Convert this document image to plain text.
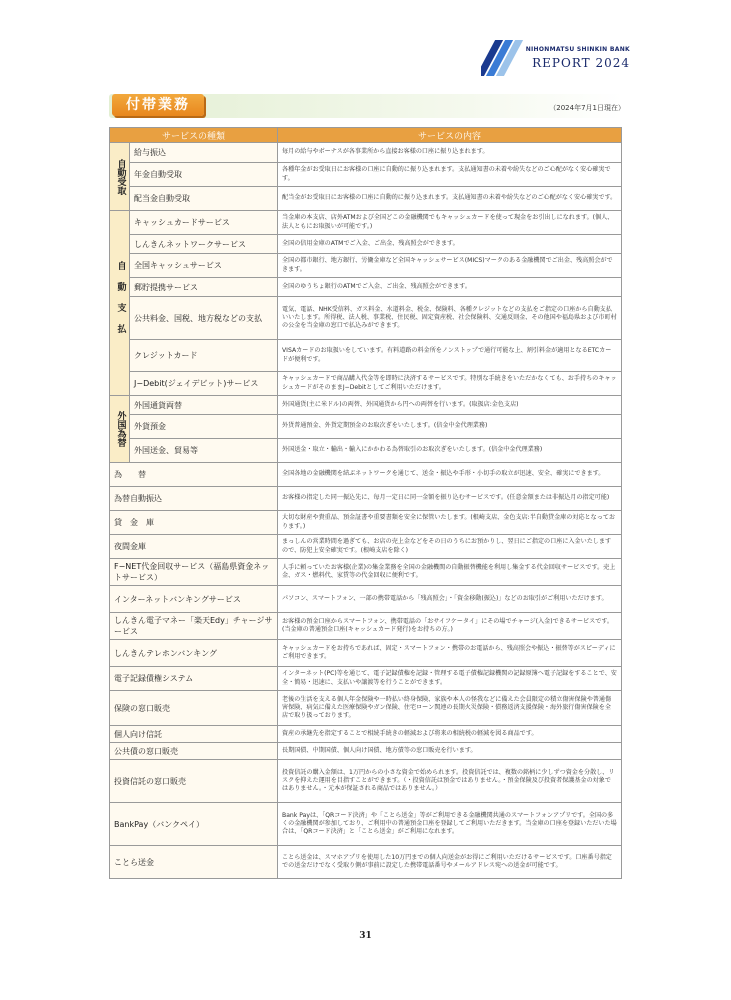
NIHONMATSU SHINKIN BANK
REPORT 2024
付帯業務	（2024年7月1日現在）
サービスの種類		サービスの内容

自動受取	給与振込	毎月の給与やボーナスが各事業所から直接お客様の口座に振り込まれます。
	年金自動受取	各種年金がお受取日にお客様の口座に自動的に振り込まれます。支払通知書の未着や紛失などのご心配がなく安心確実です。
	配当金自動受取	配当金がお受取日にお客様の口座に自動的に振り込まれます。支払通知書の未着や紛失などのご心配がなく安心確実です。

自動支払	キャッシュカードサービス	当金庫の本支店、店外ATMおよび全国どこの金融機関でもキャッシュカードを使って現金をお引出しになれます。(個人、法人ともにお取扱いが可能です。)
	しんきんネットワークサービス	全国の信用金庫のATMでご入金、ご出金、残高照会ができます。
	全国キャッシュサービス	全国の都市銀行、地方銀行、労働金庫など全国キャッシュサービス(MICS)マークのある金融機関でご出金、残高照会ができます。
	郵貯提携サービス	全国のゆうちょ銀行のATMでご入金、ご出金、残高照会ができます。
	公共料金、国税、地方税などの支払	電気、電話、NHK受信料、ガス料金、水道料金、税金、保険料、各種クレジットなどの支払をご指定の口座から自動支払いいたします。所得税、法人税、事業税、住民税、固定資産税、社会保険料、交通反則金、その他国や福島県および市町村の公金を当金庫の窓口で払込みができます。
	クレジットカード	VISAカードのお取扱いをしています。有料道路の料金所をノンストップで通行可能な上、割引料金が適用となるETCカードが便利です。
	J−Debit(ジェイデビット)サービス	キャッシュカードで商品購入代金等を即時に決済するサービスです。特別な手続きをいただかなくても、お手持ちのキャッシュカードがそのままJ−Debitとしてご利用いただけます。

外国為替	外国通貨両替	外国通貨(主に米ドル)の両替、外国通貨から円への両替を行います。(取扱店:金色支店)
	外貨預金	外貨普通預金、外貨定期預金のお取次ぎをいたします。(信金中金代理業務)
	外国送金、貿易等	外国送金・取立・輸出・輸入にかかわる為替取引のお取次ぎをいたします。(信金中金代理業務)
為　　替		全国各地の金融機関を結ぶネットワークを通じて、送金・振込や手形・小切手の取立が迅速、安全、確実にできます。
為替自動振込		お客様の指定した同一振込先に、毎月一定日に同一金額を振り込むサービスです。(任意金額または非振込月の指定可能)
貸　金　庫		大切な財産や貴重品、預金証書や重要書類を安全に保管いたします。(根崎支店、金色支店:半自動貸金庫の対応となっております。)
夜間金庫		まっしんの営業時間を過ぎても、お店の売上金などをその日のうちにお預かりし、翌日にご指定の口座に入金いたしますので、防犯上安全確実です。(根崎支店を除く)
F−NET代金回収サービス（福島県資金ネットサービス）		人手に頼っていたお客様(企業)の集金業務を全国の金融機関の自動振替機能を利用し集金する代金回収サービスです。売上金、ガス・燃料代、家賃等の代金回収に便利です。
インターネットバンキングサービス		パソコン、スマートフォン、一部の携帯電話から「残高照会」・「資金移動(振込)」などのお取引がご利用いただけます。
しんきん電子マネー「楽天Edy」チャージサービス		お客様の預金口座からスマートフォン、携帯電話の「おサイフケータイ」にその場でチャージ(入金)できるサービスです。(当金庫の普通預金口座(キャッシュカード発行)をお持ちの方。)
しんきんテレホンバンキング		キャッシュカードをお持ちであれば、固定・スマートフォン・携帯のお電話から、残高照会や振込・振替等がスピーディにご利用できます。
電子記録債権システム		インターネット(PC)等を通じて、電子記録債権を記録・管理する電子債権記録機関の記録原簿へ電子記録をすることで、安全・簡易・迅速に、支払いや譲渡等を行うことができます。
保険の窓口販売		老後の生活を支える個人年金保険や一時払い終身保険、家族や本人の怪我などに備えた会員限定の積立傷害保険や普通傷害保険、病気に備えた医療保険やガン保険、住宅ローン関連の長期火災保険・債務返済支援保険・海外旅行傷害保険を全店で取り扱っております。
個人向け信託		資産の承継先を指定することで相続手続きの軽減および将来の相続税の軽減を図る商品です。
公共債の窓口販売		長期国債、中期国債、個人向け国債、地方債等の窓口販売を行います。
投資信託の窓口販売		投資信託の購入金額は、1万円からの小さな資金で始められます。投資信託では、複数の銘柄に少しずつ資金を分散し、リスクを抑えた運用を目指すことができます。（・投資信託は預金ではありません。・預金保険及び投資者保護基金の対象ではありません。・元本が保証される商品ではありません。）
BankPay（バンクペイ）		Bank Payは、「QRコード決済」や「ことら送金」等がご利用できる金融機関共通のスマートフォンアプリです。全国の多くの金融機関が参加しており、ご利用中の普通預金口座を登録してご利用いただきます。当金庫の口座を登録いただいた場合は、「QRコード決済」と「ことら送金」がご利用になれます。
ことら送金		ことら送金は、スマホアプリを使用した10万円までの個人向送金がお得にご利用いただけるサービスです。口座番号指定での送金だけでなく受取り側が事前に設定した携帯電話番号やメールアドレス宛への送金が可能です。
31
